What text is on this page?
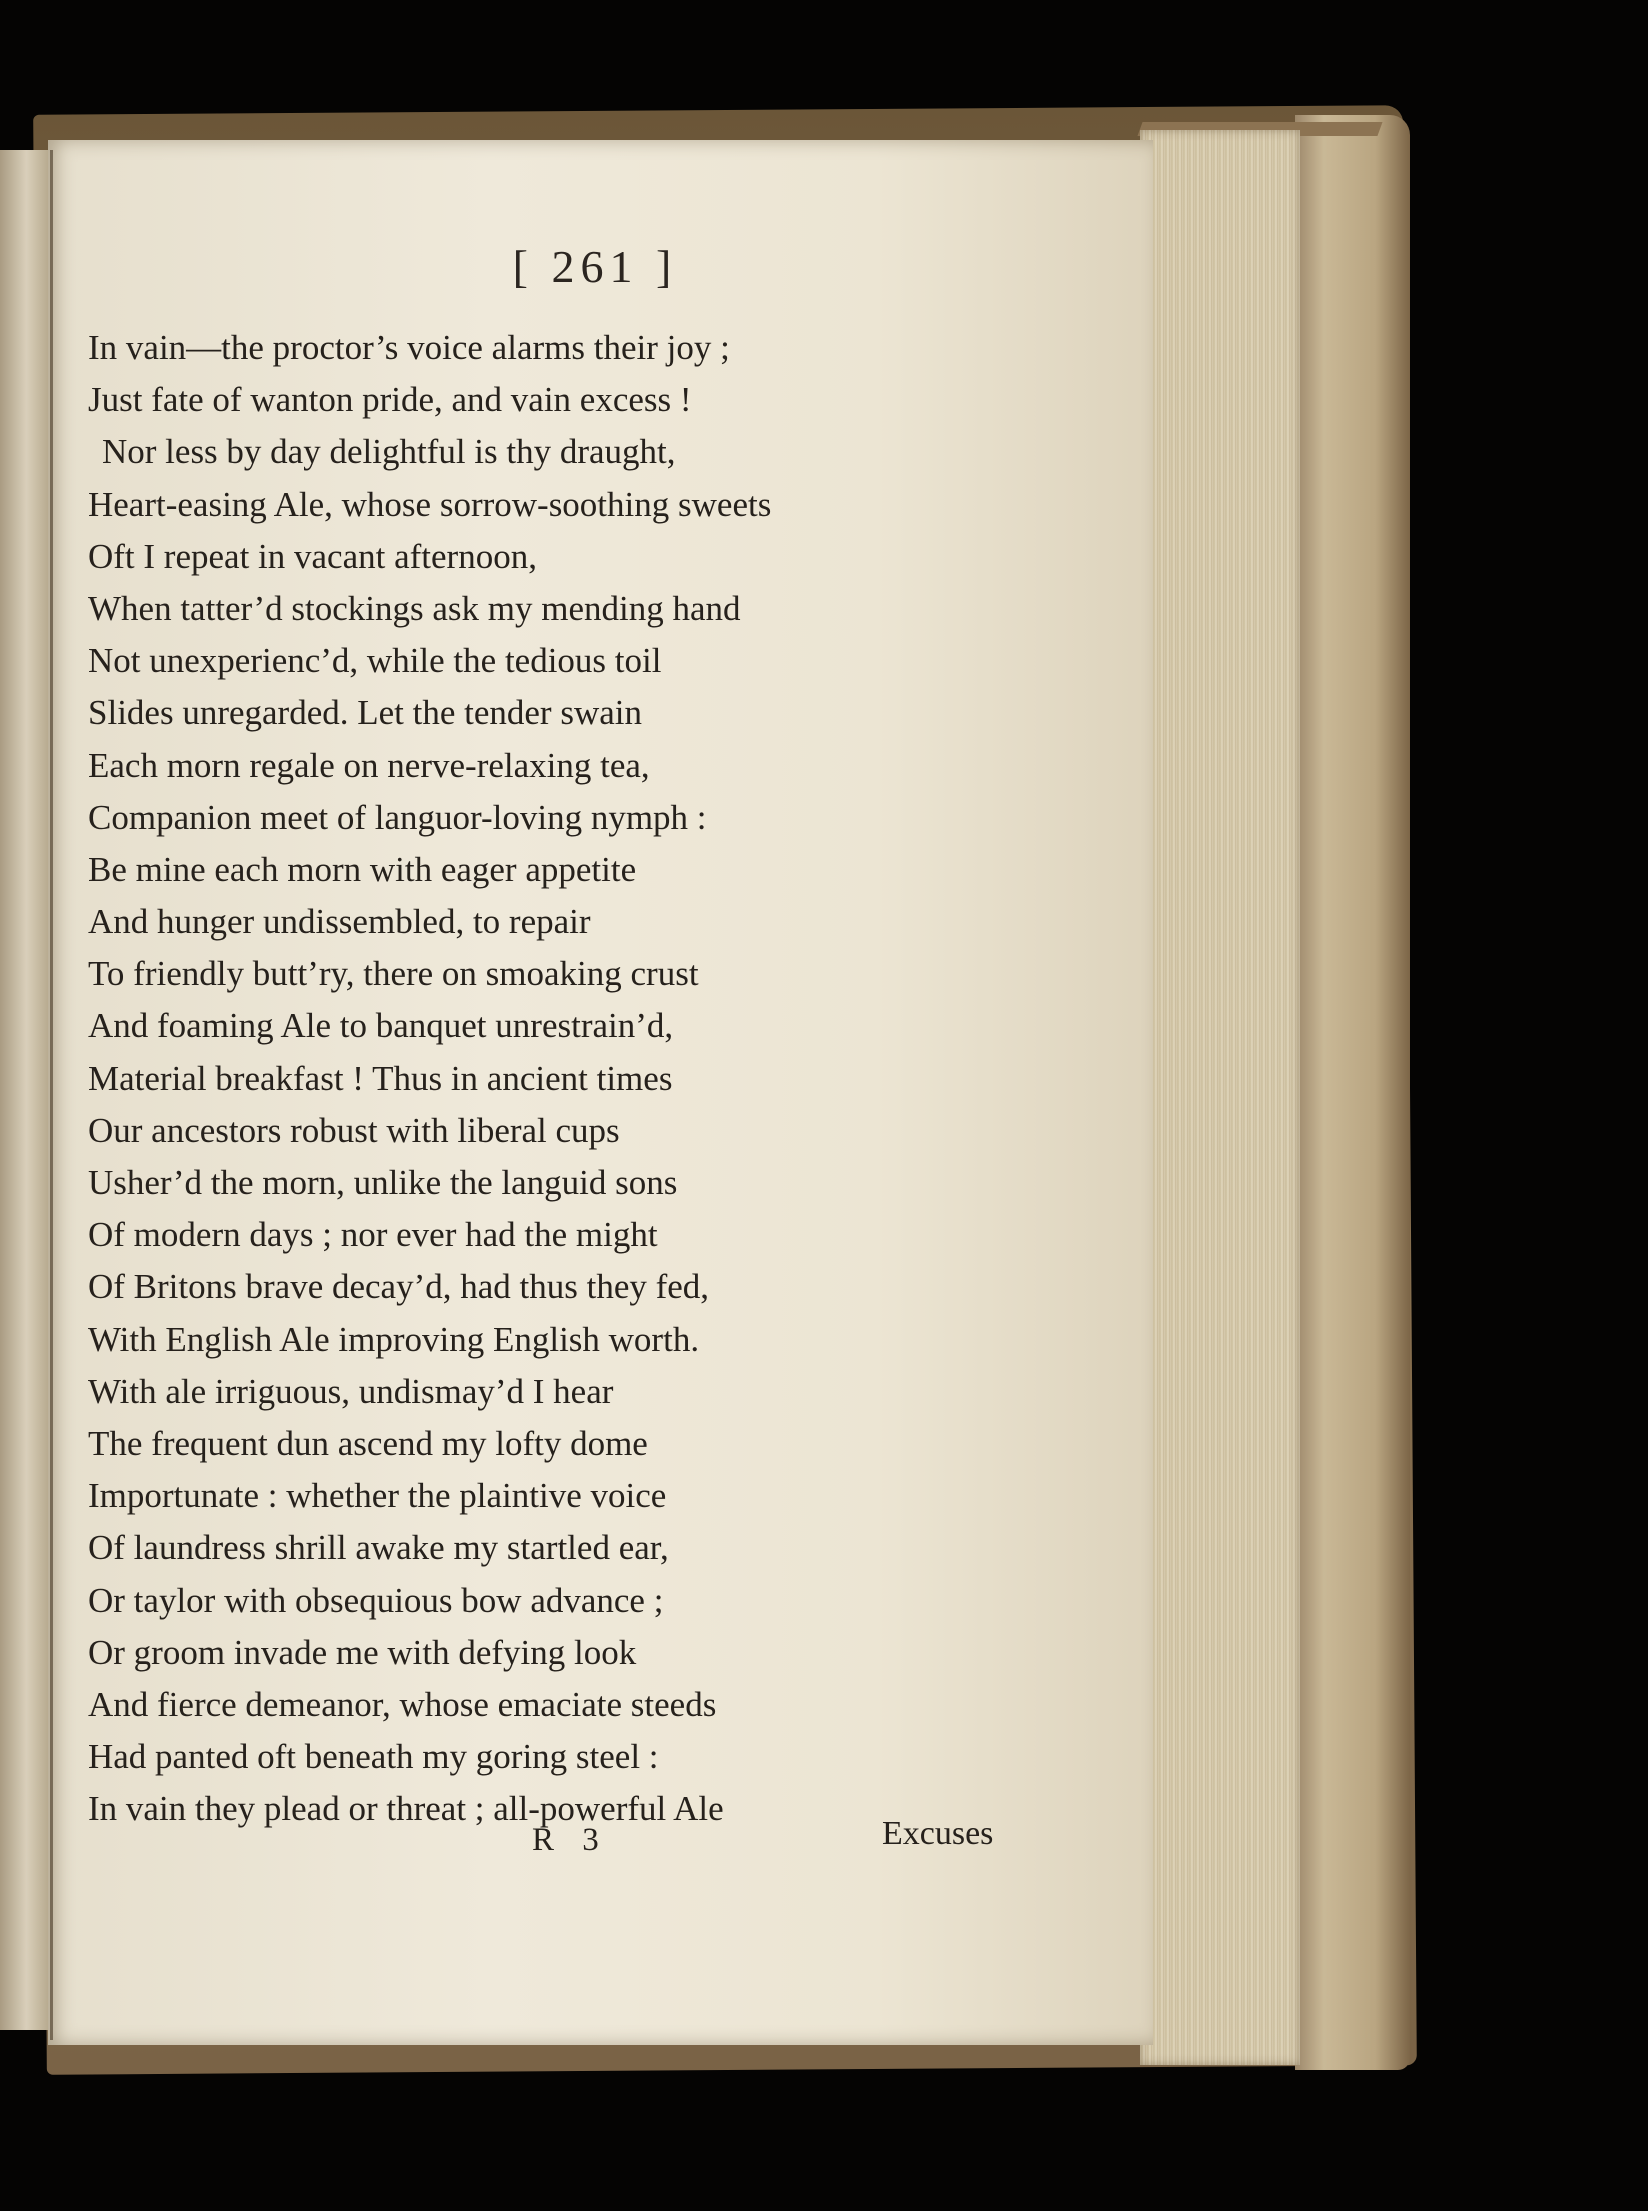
[ 261 ]
In vain—the proctor’s voice alarms their joy ;
Just fate of wanton pride, and vain excess !
Nor less by day delightful is thy draught,
Heart-easing Ale, whose sorrow-soothing sweets
Oft I repeat in vacant afternoon,
When tatter’d stockings ask my mending hand
Not unexperienc’d, while the tedious toil
Slides unregarded. Let the tender swain
Each morn regale on nerve-relaxing tea,
Companion meet of languor-loving nymph :
Be mine each morn with eager appetite
And hunger undissembled, to repair
To friendly butt’ry, there on smoaking crust
And foaming Ale to banquet unrestrain’d,
Material breakfast ! Thus in ancient times
Our ancestors robust with liberal cups
Usher’d the morn, unlike the languid sons
Of modern days ; nor ever had the might
Of Britons brave decay’d, had thus they fed,
With English Ale improving English worth.
With ale irriguous, undismay’d I hear
The frequent dun ascend my lofty dome
Importunate : whether the plaintive voice
Of laundress shrill awake my startled ear,
Or taylor with obsequious bow advance ;
Or groom invade me with defying look
And fierce demeanor, whose emaciate steeds
Had panted oft beneath my goring steel :
In vain they plead or threat ; all-powerful Ale
R 3	Excuses
